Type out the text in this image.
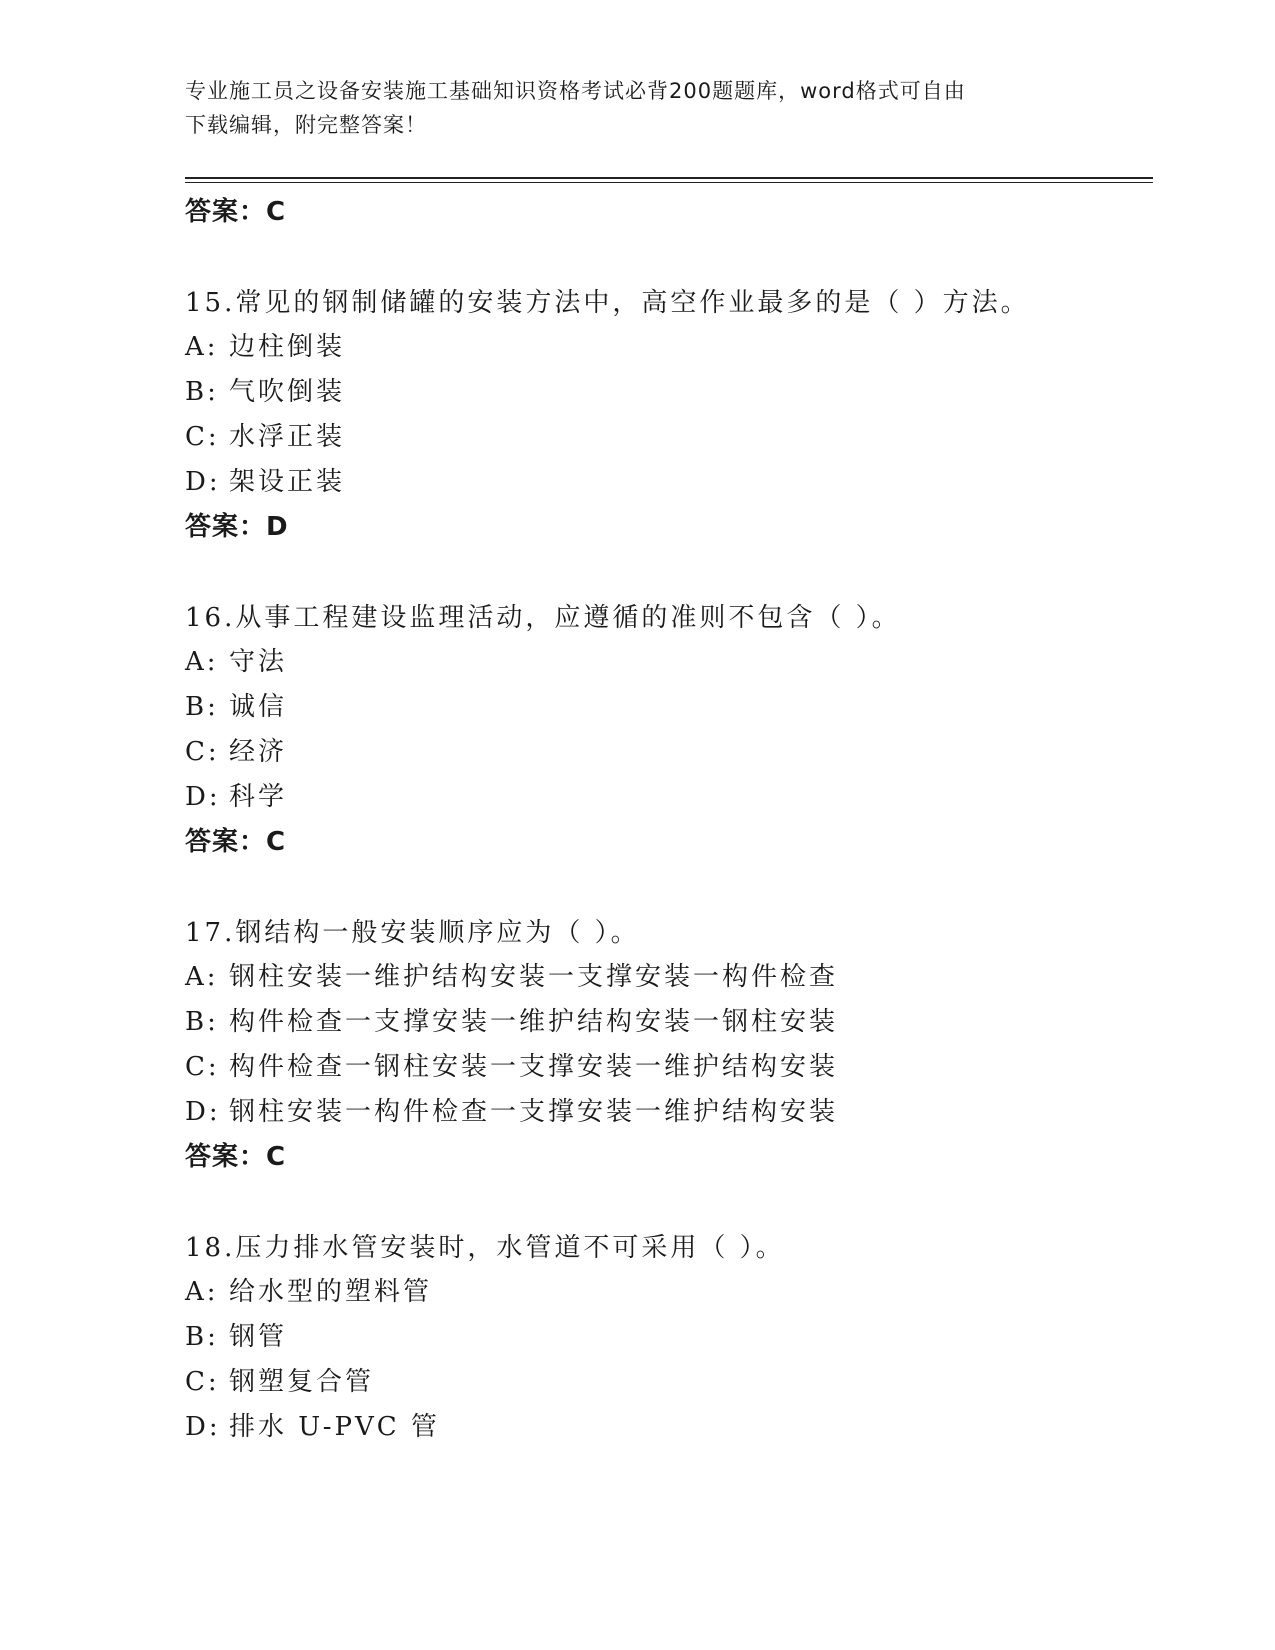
专业施工员之设备安装施工基础知识资格考试必背200题题库，word格式可自由
下载编辑，附完整答案！
答案：C
15.常见的钢制储罐的安装方法中，高空作业最多的是（ ）方法。
A: 边柱倒装
B: 气吹倒装
C: 水浮正装
D: 架设正装
答案：D
16.从事工程建设监理活动，应遵循的准则不包含（ ）。
A: 守法
B: 诚信
C: 经济
D: 科学
答案：C
17.钢结构一般安装顺序应为（ ）。
A: 钢柱安装一维护结构安装一支撑安装一构件检查
B: 构件检查一支撑安装一维护结构安装一钢柱安装
C: 构件检查一钢柱安装一支撑安装一维护结构安装
D: 钢柱安装一构件检查一支撑安装一维护结构安装
答案：C
18.压力排水管安装时，水管道不可采用（ ）。
A: 给水型的塑料管
B: 钢管
C: 钢塑复合管
D: 排水 U-PVC 管
